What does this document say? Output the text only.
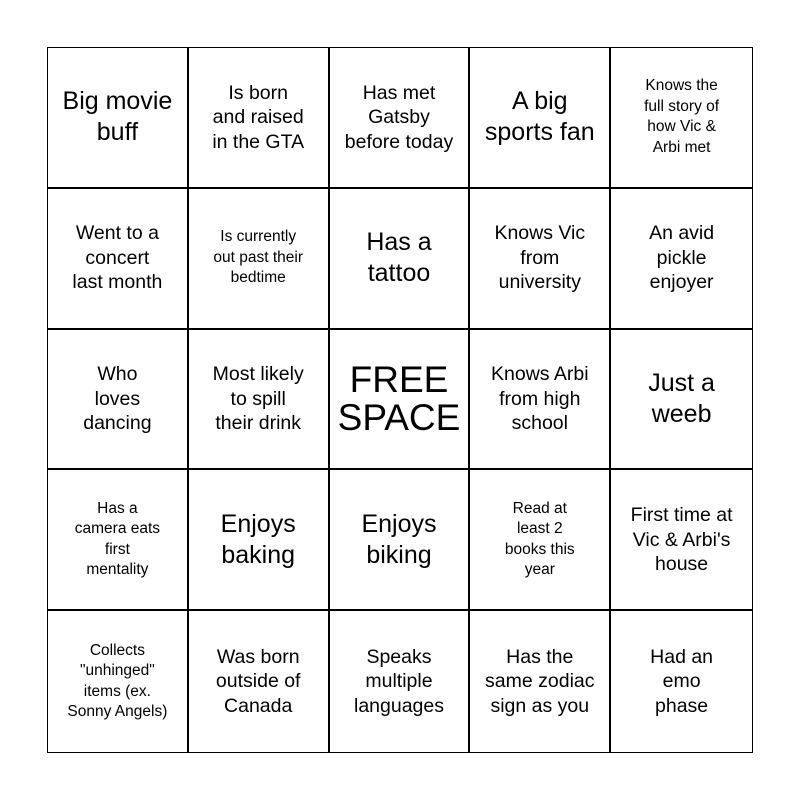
Big movie
buff
Is born
and raised
in the GTA
Has met
Gatsby
before today
A big
sports fan
Knows the
full story of
how Vic &
Arbi met
Went to a
concert
last month
Is currently
out past their
bedtime
Has a
tattoo
Knows Vic
from
university
An avid
pickle
enjoyer
Who
loves
dancing
Most likely
to spill
their drink
FREE
SPACE
Knows Arbi
from high
school
Just a
weeb
Has a
camera eats
first
mentality
Enjoys
baking
Enjoys
biking
Read at
least 2
books this
year
First time at
Vic & Arbi's
house
Collects
"unhinged"
items (ex.
Sonny Angels)
Was born
outside of
Canada
Speaks
multiple
languages
Has the
same zodiac
sign as you
Had an
emo
phase
